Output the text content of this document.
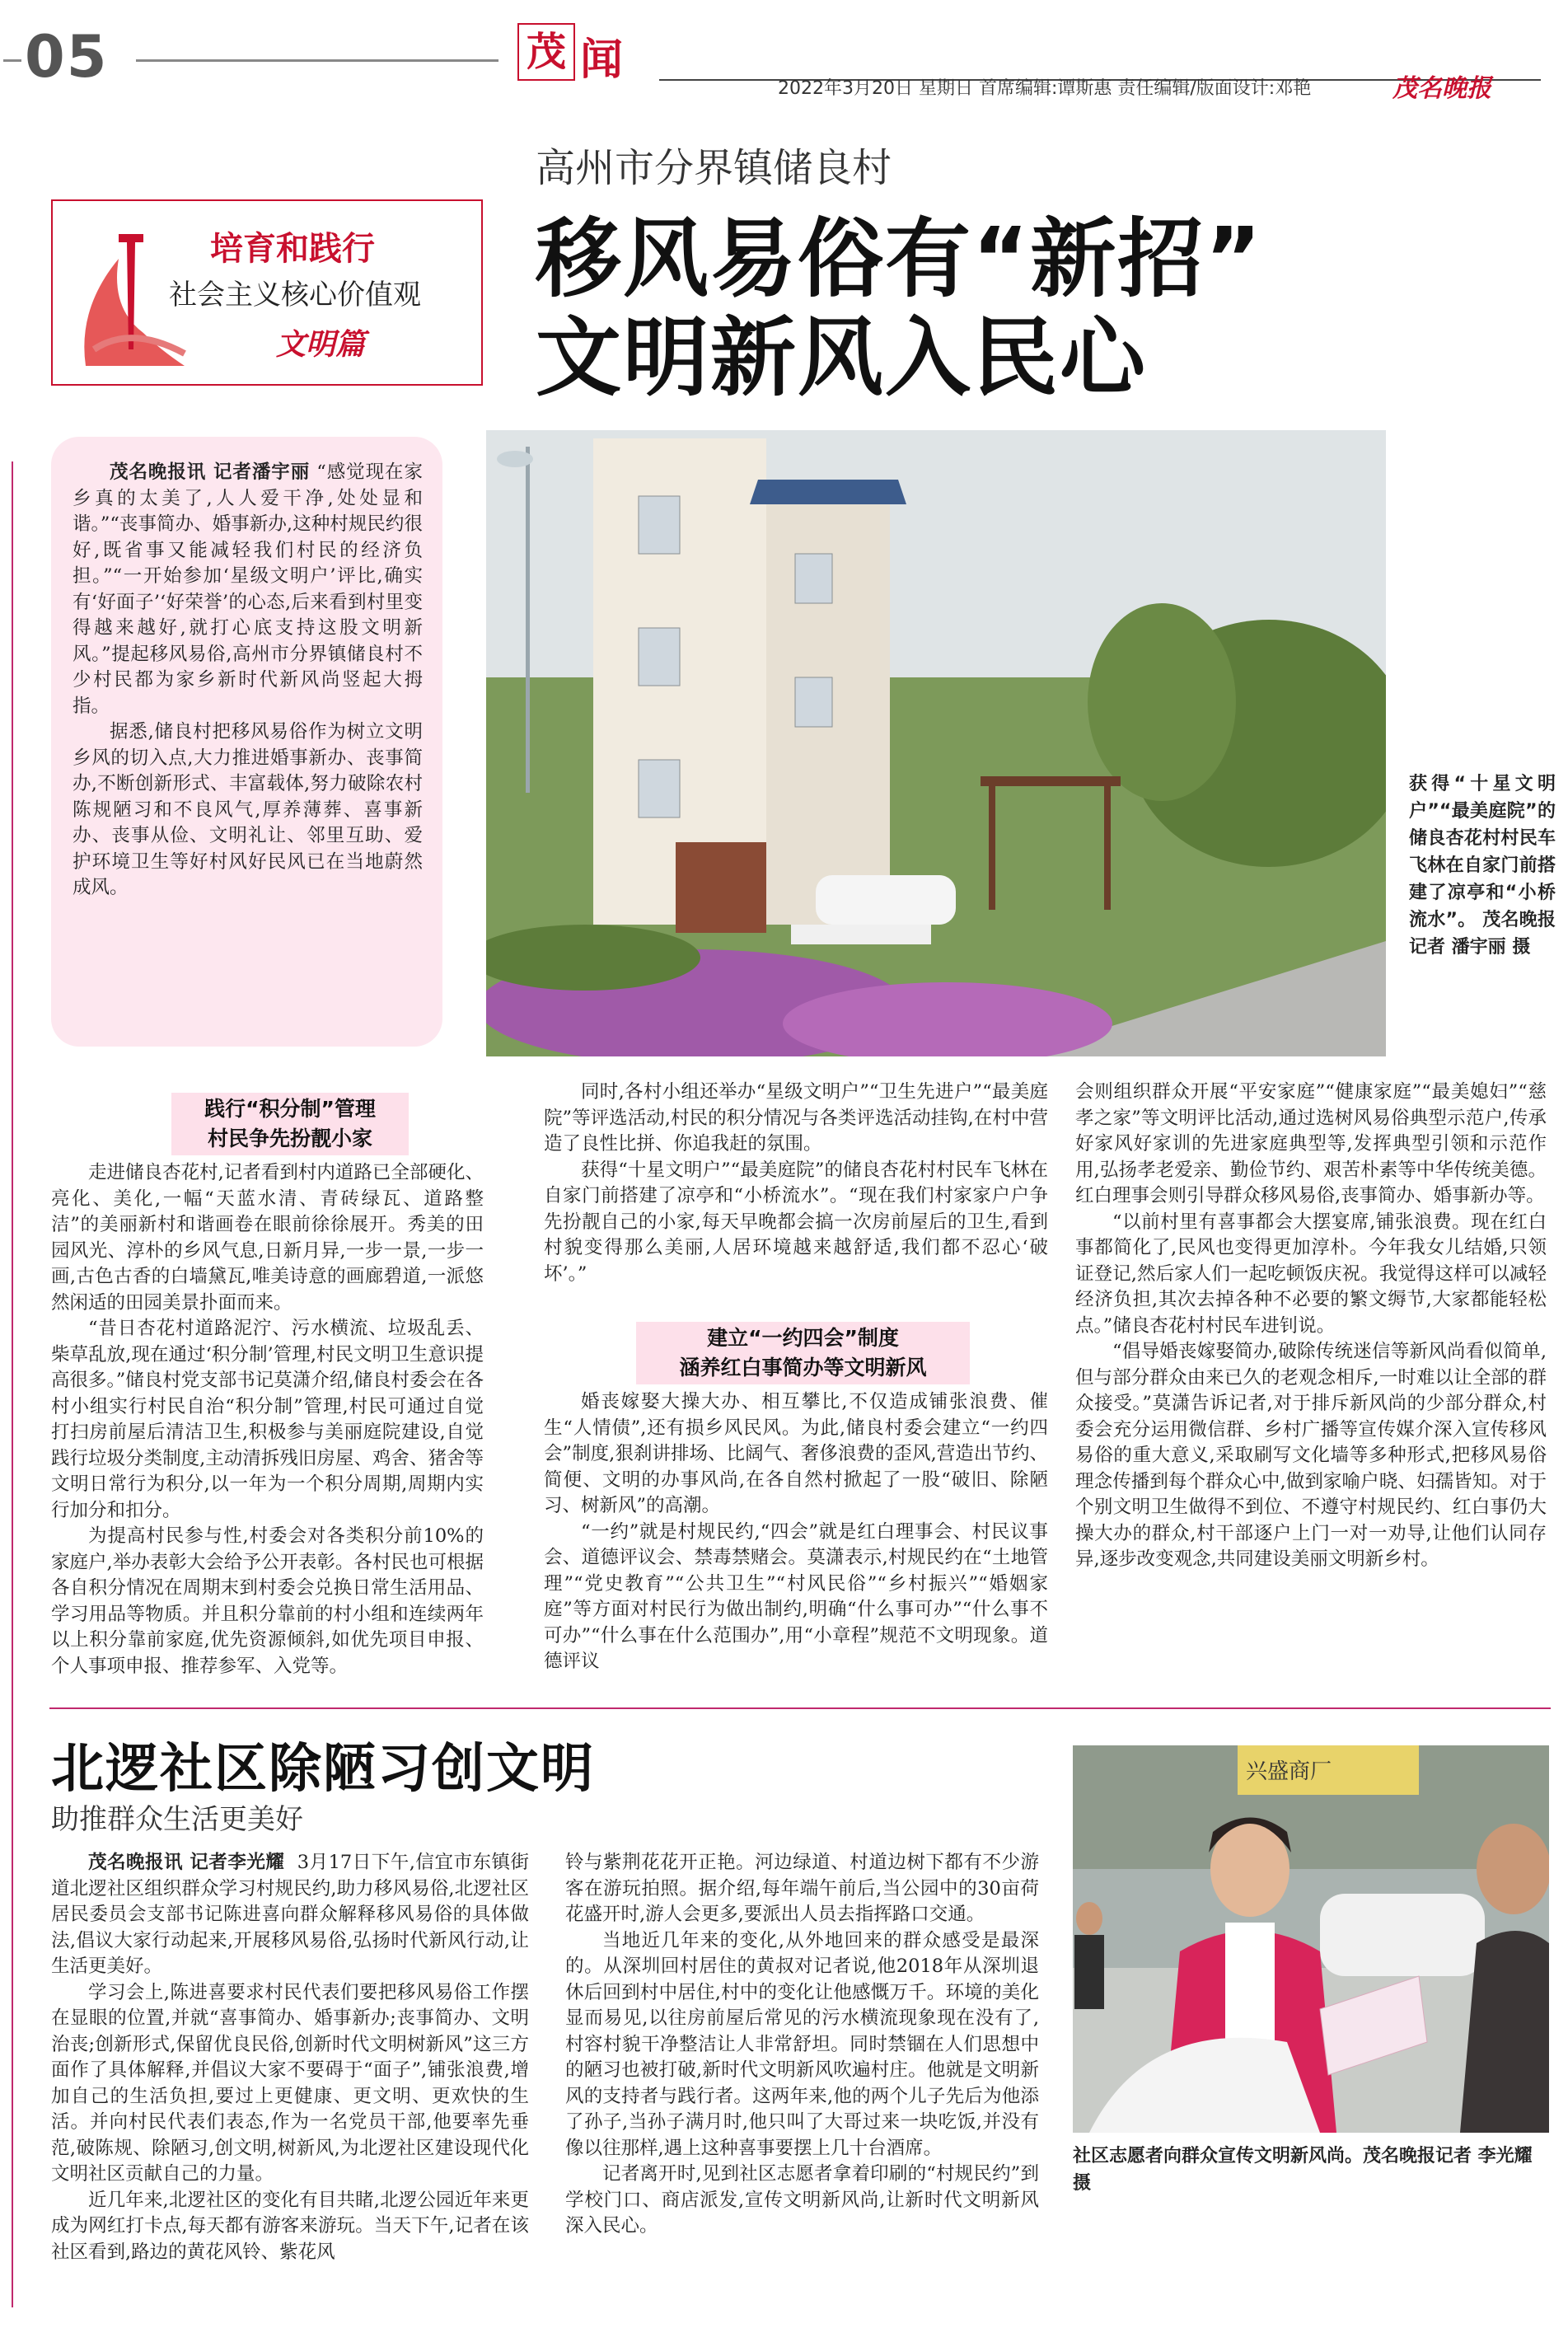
05	茂 闻
2022年3月20日 星期日 首席编辑:谭斯惠 责任编辑/版面设计:邓艳	茂名晚报
培育和践行
社会主义核心价值观
文明篇
高州市分界镇储良村
移风易俗有“新招”
文明新风入民心

茂名晚报讯 记者潘宇丽 “感觉现在家乡真的太美了,人人爱干净,处处显和谐。”“丧事简办、婚事新办,这种村规民约很好,既省事又能减轻我们村民的经济负担。”“一开始参加‘星级文明户’评比,确实有‘好面子’‘好荣誉’的心态,后来看到村里变得越来越好,就打心底支持这股文明新风。”提起移风易俗,高州市分界镇储良村不少村民都为家乡新时代新风尚竖起大拇指。

据悉,储良村把移风易俗作为树立文明乡风的切入点,大力推进婚事新办、丧事简办,不断创新形式、丰富载体,努力破除农村陈规陋习和不良风气,厚养薄葬、喜事新办、丧事从俭、文明礼让、邻里互助、爱护环境卫生等好村风好民风已在当地蔚然成风。

获得“十星文明户”“最美庭院”的储良杏花村村民车飞林在自家门前搭建了凉亭和“小桥流水”。 茂名晚报记者 潘宇丽 摄
践行“积分制”管理
村民争先扮靓小家

走进储良杏花村,记者看到村内道路已全部硬化、亮化、美化,一幅“天蓝水清、青砖绿瓦、道路整洁”的美丽新村和谐画卷在眼前徐徐展开。秀美的田园风光、淳朴的乡风气息,日新月异,一步一景,一步一画,古色古香的白墙黛瓦,唯美诗意的画廊碧道,一派悠然闲适的田园美景扑面而来。

“昔日杏花村道路泥泞、污水横流、垃圾乱丢、柴草乱放,现在通过‘积分制’管理,村民文明卫生意识提高很多。”储良村党支部书记莫潇介绍,储良村委会在各村小组实行村民自治“积分制”管理,村民可通过自觉打扫房前屋后清洁卫生,积极参与美丽庭院建设,自觉践行垃圾分类制度,主动清拆残旧房屋、鸡舍、猪舍等文明日常行为积分,以一年为一个积分周期,周期内实行加分和扣分。

为提高村民参与性,村委会对各类积分前10%的家庭户,举办表彰大会给予公开表彰。各村民也可根据各自积分情况在周期末到村委会兑换日常生活用品、学习用品等物质。并且积分靠前的村小组和连续两年以上积分靠前家庭,优先资源倾斜,如优先项目申报、个人事项申报、推荐参军、入党等。

同时,各村小组还举办“星级文明户”“卫生先进户”“最美庭院”等评选活动,村民的积分情况与各类评选活动挂钩,在村中营造了良性比拼、你追我赶的氛围。

获得“十星文明户”“最美庭院”的储良杏花村村民车飞林在自家门前搭建了凉亭和“小桥流水”。“现在我们村家家户户争先扮靓自己的小家,每天早晚都会搞一次房前屋后的卫生,看到村貌变得那么美丽,人居环境越来越舒适,我们都不忍心‘破坏’。”

建立“一约四会”制度
涵养红白事简办等文明新风

婚丧嫁娶大操大办、相互攀比,不仅造成铺张浪费、催生“人情债”,还有损乡风民风。为此,储良村委会建立“一约四会”制度,狠刹讲排场、比阔气、奢侈浪费的歪风,营造出节约、简便、文明的办事风尚,在各自然村掀起了一股“破旧、除陋习、树新风”的高潮。

“一约”就是村规民约,“四会”就是红白理事会、村民议事会、道德评议会、禁毒禁赌会。莫潇表示,村规民约在“土地管理”“党史教育”“公共卫生”“村风民俗”“乡村振兴”“婚姻家庭”等方面对村民行为做出制约,明确“什么事可办”“什么事不可办”“什么事在什么范围办”,用“小章程”规范不文明现象。道德评议

会则组织群众开展“平安家庭”“健康家庭”“最美媳妇”“慈孝之家”等文明评比活动,通过选树风易俗典型示范户,传承好家风好家训的先进家庭典型等,发挥典型引领和示范作用,弘扬孝老爱亲、勤俭节约、艰苦朴素等中华传统美德。红白理事会则引导群众移风易俗,丧事简办、婚事新办等。

“以前村里有喜事都会大摆宴席,铺张浪费。现在红白事都简化了,民风也变得更加淳朴。今年我女儿结婚,只领证登记,然后家人们一起吃顿饭庆祝。我觉得这样可以减轻经济负担,其次去掉各种不必要的繁文缛节,大家都能轻松点。”储良杏花村村民车进钊说。

“倡导婚丧嫁娶简办,破除传统迷信等新风尚看似简单,但与部分群众由来已久的老观念相斥,一时难以让全部的群众接受。”莫潇告诉记者,对于排斥新风尚的少部分群众,村委会充分运用微信群、乡村广播等宣传媒介深入宣传移风易俗的重大意义,采取刷写文化墙等多种形式,把移风易俗理念传播到每个群众心中,做到家喻户晓、妇孺皆知。对于个别文明卫生做得不到位、不遵守村规民约、红白事仍大操大办的群众,村干部逐户上门一对一劝导,让他们认同存异,逐步改变观念,共同建设美丽文明新乡村。

北逻社区除陋习创文明
助推群众生活更美好

茂名晚报讯 记者李光耀 3月17日下午,信宜市东镇街道北逻社区组织群众学习村规民约,助力移风易俗,北逻社区居民委员会支部书记陈进喜向群众解释移风易俗的具体做法,倡议大家行动起来,开展移风易俗,弘扬时代新风行动,让生活更美好。

学习会上,陈进喜要求村民代表们要把移风易俗工作摆在显眼的位置,并就“喜事简办、婚事新办;丧事简办、文明治丧;创新形式,保留优良民俗,创新时代文明树新风”这三方面作了具体解释,并倡议大家不要碍于“面子”,铺张浪费,增加自己的生活负担,要过上更健康、更文明、更欢快的生活。并向村民代表们表态,作为一名党员干部,他要率先垂范,破陈规、除陋习,创文明,树新风,为北逻社区建设现代化文明社区贡献自己的力量。

近几年来,北逻社区的变化有目共睹,北逻公园近年来更成为网红打卡点,每天都有游客来游玩。当天下午,记者在该社区看到,路边的黄花风铃、紫花风

铃与紫荆花花开正艳。河边绿道、村道边树下都有不少游客在游玩拍照。据介绍,每年端午前后,当公园中的30亩荷花盛开时,游人会更多,要派出人员去指挥路口交通。

当地近几年来的变化,从外地回来的群众感受是最深的。从深圳回村居住的黄叔对记者说,他2018年从深圳退休后回到村中居住,村中的变化让他感慨万千。环境的美化显而易见,以往房前屋后常见的污水横流现象现在没有了,村容村貌干净整洁让人非常舒坦。同时禁锢在人们思想中的陋习也被打破,新时代文明新风吹遍村庄。他就是文明新风的支持者与践行者。这两年来,他的两个儿子先后为他添了孙子,当孙子满月时,他只叫了大哥过来一块吃饭,并没有像以往那样,遇上这种喜事要摆上几十台酒席。

记者离开时,见到社区志愿者拿着印刷的“村规民约”到学校门口、商店派发,宣传文明新风尚,让新时代文明新风深入民心。

兴盛商厂
社区志愿者向群众宣传文明新风尚。茂名晚报记者 李光耀 摄
